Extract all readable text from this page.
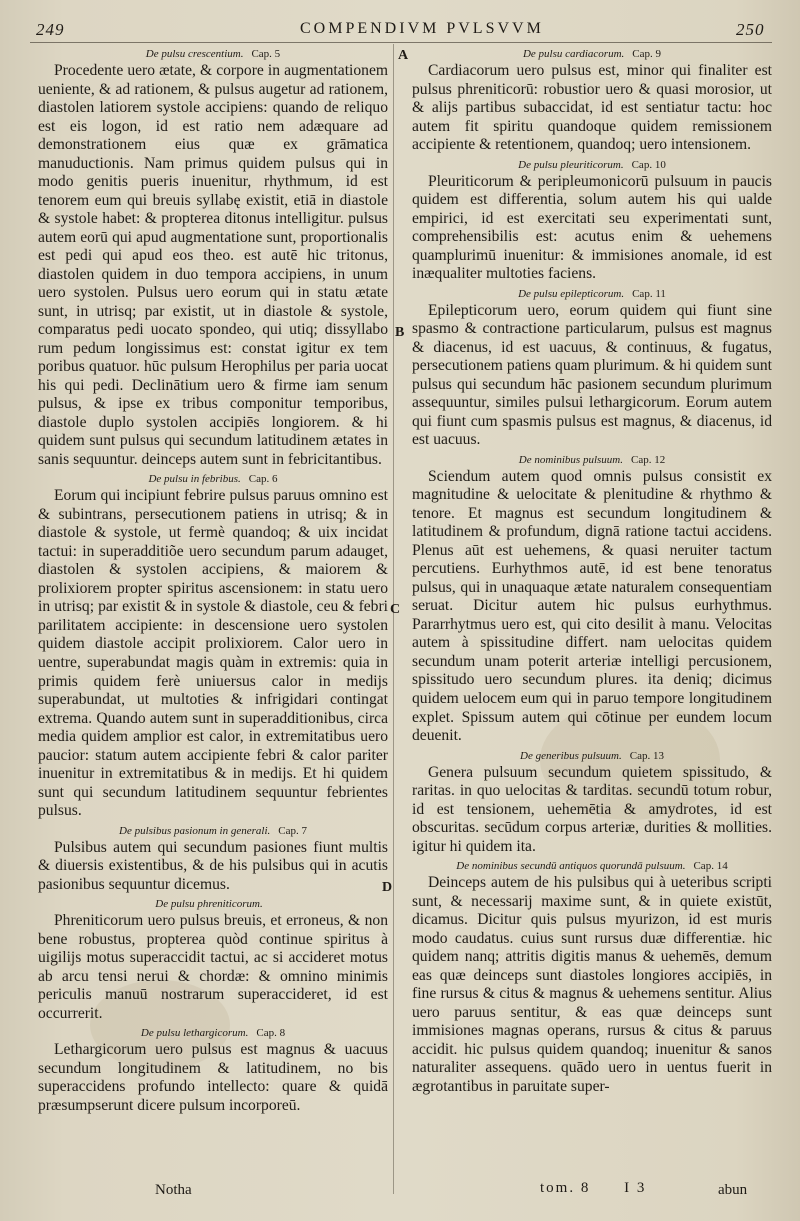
249	COMPENDIVM PVLSVVM	250
A
B
C
D
De pulsu crescentium. Cap. 5

Procedente uero ætate, & corpore in augmentationem ueniente, & ad rationem, & pulsus augetur ad rationem, diastolen latiorem systole accipiens: quando de reliquo est eis logon, id est ratio nem adæquare ad demonstrationem eius quæ ex grāmatica manuductionis. Nam primus quidem pulsus qui in modo genitis pueris inuenitur, rhythmum, id est tenorem eum qui breuis syllabę existit, etiā in diastole & systole habet: & propterea ditonus intelligitur. pulsus autem eorū qui apud augmentatione sunt, proportionalis est pedi qui apud eos theo. est autē hic tritonus, diastolen quidem in duo tempora accipiens, in unum uero systolen. Pulsus uero eorum qui in statu ætate sunt, in utrisq; par existit, ut in diastole & systole, comparatus pedi uocato spondeo, qui utiq; dissyllabo rum pedum longissimus est: constat igitur ex tem poribus quatuor. hūc pulsum Herophilus per paria uocat his qui pedi. Declinātium uero & firme iam senum pulsus, & ipse ex tribus componitur temporibus, diastole duplo systolen accipiēs longiorem. & hi quidem sunt pulsus qui secundum latitudinem ætates in sanis sequuntur. deinceps autem sunt in febricitantibus.

De pulsu in febribus. Cap. 6

Eorum qui incipiunt febrire pulsus paruus omnino est & subintrans, persecutionem patiens in utrisq; & in diastole & systole, ut fermè quandoq; & uix incidat tactui: in superadditiõe uero secundum parum adauget, diastolen & systolen accipiens, & maiorem & prolixiorem propter spiritus ascensionem: in statu uero in utrisq; par existit & in systole & diastole, ceu & febri parilitatem accipiente: in descensione uero systolen quidem diastole accipit prolixiorem. Calor uero in uentre, superabundat magis quàm in extremis: quia in primis quidem ferè uniuersus calor in medijs superabundat, ut multoties & infrigidari contingat extrema. Quando autem sunt in superadditionibus, circa media quidem amplior est calor, in extremitatibus uero paucior: statum autem accipiente febri & calor pariter inuenitur in extremitatibus & in medijs. Et hi quidem sunt qui secundum latitudinem sequuntur febrientes pulsus.

De pulsibus pasionum in generali. Cap. 7

Pulsibus autem qui secundum pasiones fiunt multis & diuersis existentibus, & de his pulsibus qui in acutis pasionibus sequuntur dicemus.

De pulsu phreniticorum.

Phreniticorum uero pulsus breuis, et erroneus, & non bene robustus, propterea quòd continue spiritus à uigilijs motus superaccidit tactui, ac si accideret motus ab arcu tensi nerui & chordæ: & omnino minimis periculis manuū nostrarum superaccideret, id est occurrerit.

De pulsu lethargicorum. Cap. 8

Lethargicorum uero pulsus est magnus & uacuus secundum longitudinem & latitudinem, no bis superaccidens profundo intellecto: quare & quidā præsumpserunt dicere pulsum incorporeū.

De pulsu cardiacorum. Cap. 9

Cardiacorum uero pulsus est, minor qui finaliter est pulsus phreniticorū: robustior uero & quasi morosior, ut & alijs partibus subaccidat, id est sentiatur tactu: hoc autem fit spiritu quandoque quidem remissionem accipiente & retentionem, quandoq; uero intensionem.

De pulsu pleuriticorum. Cap. 10

Pleuriticorum & peripleumonicorū pulsuum in paucis quidem est differentia, solum autem his qui ualde empirici, id est exercitati seu experimentati sunt, comprehensibilis est: acutus enim & uehemens quamplurimū inuenitur: & immisiones anomale, id est inæqualiter multoties faciens.

De pulsu epilepticorum. Cap. 11

Epilepticorum uero, eorum quidem qui fiunt sine spasmo & contractione particularum, pulsus est magnus & diacenus, id est uacuus, & continuus, & fugatus, persecutionem patiens quam plurimum. & hi quidem sunt pulsus qui secundum hāc pasionem secundum plurimum assequuntur, similes pulsui lethargicorum. Eorum autem qui fiunt cum spasmis pulsus est magnus, & diacenus, id est uacuus.

De nominibus pulsuum. Cap. 12

Sciendum autem quod omnis pulsus consistit ex magnitudine & uelocitate & plenitudine & rhythmo & tenore. Et magnus est secundum longitudinem & latitudinem & profundum, dignā ratione tactui accidens. Plenus aūt est uehemens, & quasi neruiter tactum percutiens. Eurhythmos autē, id est bene tenoratus pulsus, qui in unaquaque ætate naturalem consequentiam seruat. Dicitur autem hic pulsus eurhythmus. Pararrhytmus uero est, qui cito desilit à manu. Velocitas autem à spissitudine differt. nam uelocitas quidem secundum unam poterit arteriæ intelligi percusionem, spissitudo uero secundum plures. ita deniq; dicimus quidem uelocem eum qui in paruo tempore longitudinem explet. Spissum autem qui cōtinue per eundem locum deuenit.

De generibus pulsuum. Cap. 13

Genera pulsuum secundum quietem spissitudo, & raritas. in quo uelocitas & tarditas. secundū totum robur, id est tensionem, uehemētia & amydrotes, id est obscuritas. secūdum corpus arteriæ, durities & mollities. igitur hi quidem ita.

De nominibus secundū antiquos quorundā pulsuum. Cap. 14

Deinceps autem de his pulsibus qui à ueteribus scripti sunt, & necessarij maxime sunt, & in quiete existūt, dicamus. Dicitur quis pulsus myurizon, id est muris modo caudatus. cuius sunt rursus duæ differentiæ. hic quidem nanq; attritis digitis manus & uehemēs, demum eas quæ deinceps sunt diastoles longiores accipiēs, in fine rursus & citus & magnus & uehemens sentitur. Alius uero paruus sentitur, & eas quæ deinceps sunt immisiones magnas operans, rursus & citus & paruus accidit. hic pulsus quidem quandoq; inuenitur & sanos naturaliter assequens. quādo uero in uentus fuerit in ægrotantibus in paruitate super-

Notha	tom. 8 I 3	abun
